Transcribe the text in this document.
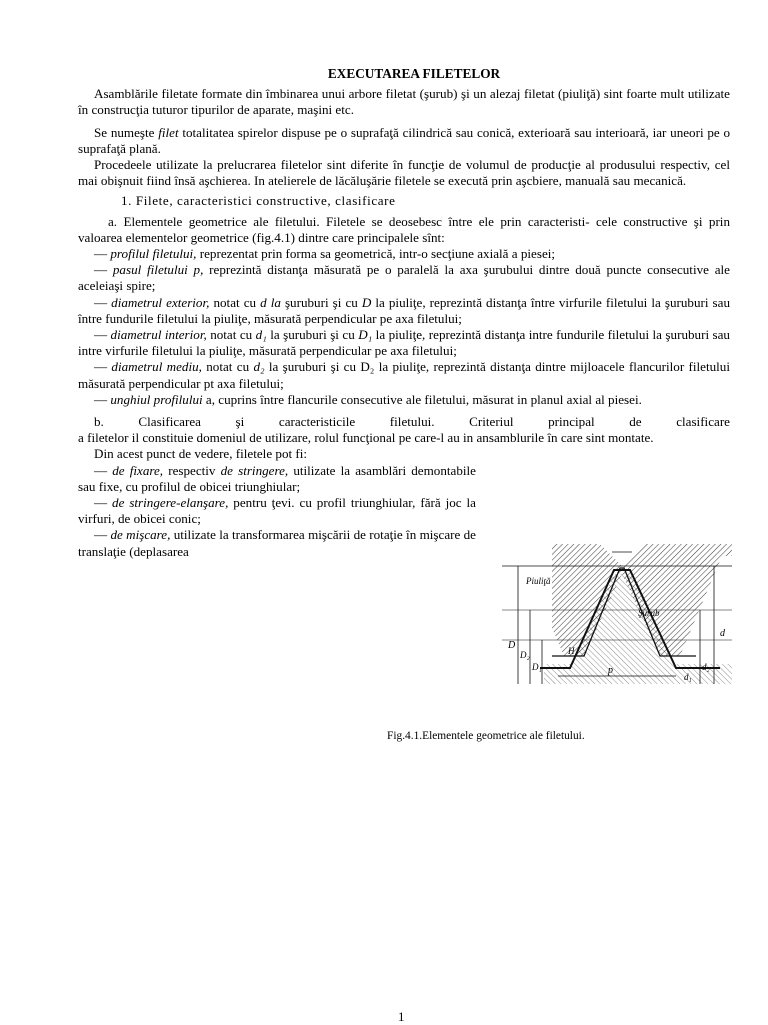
EXECUTAREA FILETELOR

Asamblările filetate formate din îmbinarea unui arbore filetat (şurub) şi un alezaj filetat (piuliţă) sint foarte mult utilizate în construcţia tuturor tipurilor de aparate, maşini etc.

Se numeşte filet totalitatea spirelor dispuse pe o suprafaţă cilindrică sau conică, exterioară sau interioară, iar uneori pe o suprafaţă plană.

Procedeele utilizate la prelucrarea filetelor sint diferite în funcţie de volumul de producţie al produsului respectiv, cel mai obişnuit fiind însă aşchierea. In atelierele de lăcăluşărie filetele se execută prin aşcbiere, manuală sau mecanică.

1. Filete, caracteristici constructive, clasificare

a. Elementele geometrice ale filetului. Filetele se deosebesc între ele prin caracteristi- cele constructive şi prin valoarea elementelor geometrice (fig.4.1) dintre care principalele sînt:

— profilul filetului, reprezentat prin forma sa geometrică, intr-o secţiune axială a piesei;

— pasul filetului p, reprezintă distanţa măsurată pe o paralelă la axa şurubului dintre două puncte consecutive ale aceleiaşi spire;

— diametrul exterior, notat cu d la şuruburi şi cu D la piuliţe, reprezintă distanţa între virfurile filetului la şuruburi sau între fundurile filetului la piuliţe, măsurată perpendicular pe axa filetului;

— diametrul interior, notat cu d₁ la şuruburi şi cu D₁ la piuliţe, reprezintă distanţa intre fundurile filetului la şuruburi sau intre virfurile filetului la piuliţe, măsurată perpendicular pe axa filetului;

— diametrul mediu, notat cu d₂ la şuruburi şi cu D₂ la piuliţe, reprezintă distanţa dintre mijloacele flancurilor filetului măsurată perpendicular pt axa filetului;

— unghiul profilului a, cuprins între flancurile consecutive ale filetului, măsurat in planul axial al piesei.

b. Clasificarea şi caracteristicile filetului. Criteriul principal de clasificare

a filetelor il constituie domeniul de utilizare, rolul funcţional pe care-l au in ansamblurile în care sint montate.

Din acest punct de vedere, filetele pot fi:

— de fixare, respectiv de stringere, utilizate la asamblări demontabile sau fixe, cu profilul de obicei triunghiular;

— de stringere-elanşare, pentru ţevi. cu profil triunghiular, fără joc la virfuri, de obicei conic;

— de mişcare, utilizate la transformarea mişcării de rotaţie în mişcare de translaţie (deplasarea

Piuliţă
Şurub
D
D₂
D₁
d
d₂
d₁
p
H
Fig.4.1.Elementele geometrice ale filetului.
1
